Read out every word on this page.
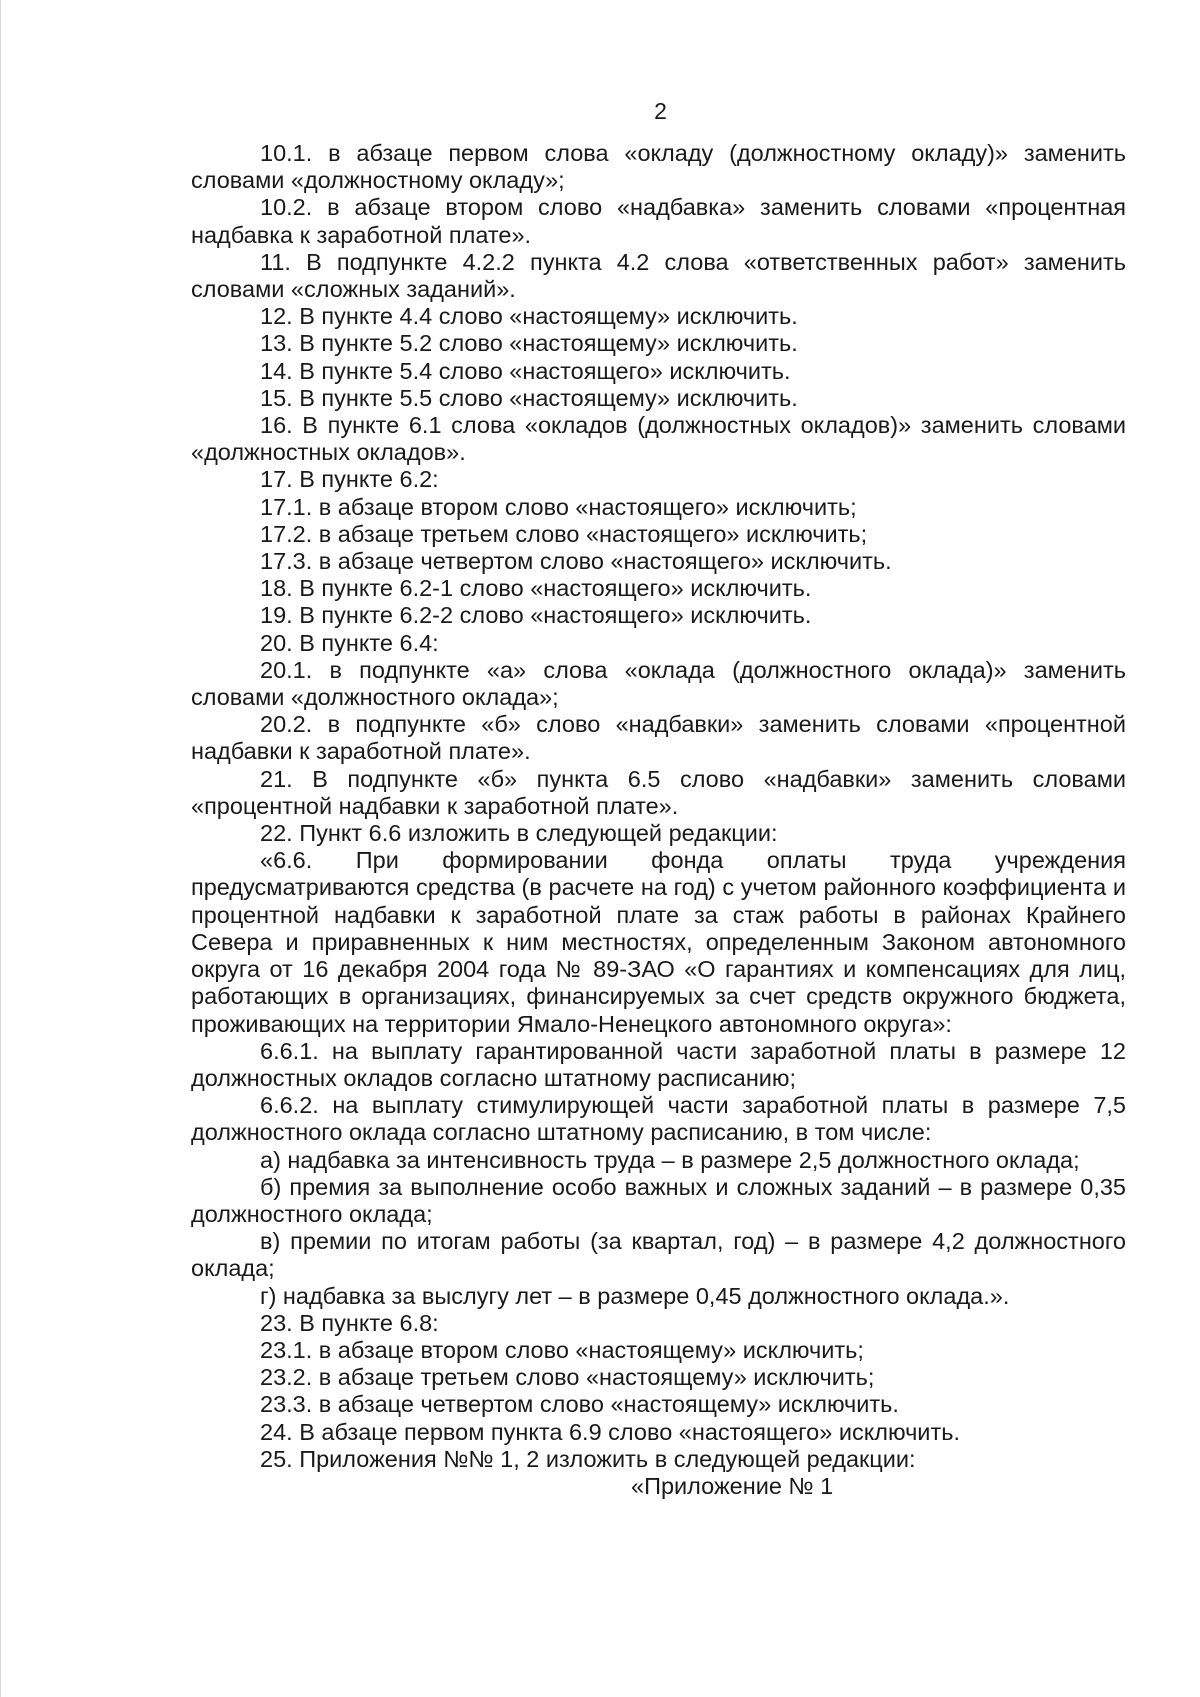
2

10.1. в абзаце первом слова «окладу (должностному окладу)» заменить словами «должностному окладу»;

10.2. в абзаце втором слово «надбавка» заменить словами «процентная надбавка к заработной плате».

11. В подпункте 4.2.2 пункта 4.2 слова «ответственных работ» заменить словами «сложных заданий».

12. В пункте 4.4 слово «настоящему» исключить.

13. В пункте 5.2 слово «настоящему» исключить.

14. В пункте 5.4 слово «настоящего» исключить.

15. В пункте 5.5 слово «настоящему» исключить.

16. В пункте 6.1 слова «окладов (должностных окладов)» заменить словами «должностных окладов».

17. В пункте 6.2:

17.1. в абзаце втором слово «настоящего» исключить;

17.2. в абзаце третьем слово «настоящего» исключить;

17.3. в абзаце четвертом слово «настоящего» исключить.

18. В пункте 6.2-1 слово «настоящего» исключить.

19. В пункте 6.2-2 слово «настоящего» исключить.

20. В пункте 6.4:

20.1. в подпункте «а» слова «оклада (должностного оклада)» заменить словами «должностного оклада»;

20.2. в подпункте «б» слово «надбавки» заменить словами «процентной надбавки к заработной плате».

21. В подпункте «б» пункта 6.5 слово «надбавки» заменить словами «процентной надбавки к заработной плате».

22. Пункт 6.6 изложить в следующей редакции:

«6.6. При формировании фонда оплаты труда учреждения предусматриваются средства (в расчете на год) с учетом районного коэффициента и процентной надбавки к заработной плате за стаж работы в районах Крайнего Севера и приравненных к ним местностях, определенным Законом автономного округа от 16 декабря 2004 года № 89-ЗАО «О гарантиях и компенсациях для лиц, работающих в организациях, финансируемых за счет средств окружного бюджета, проживающих на территории Ямало-Ненецкого автономного округа»:

6.6.1. на выплату гарантированной части заработной платы в размере 12 должностных окладов согласно штатному расписанию;

6.6.2. на выплату стимулирующей части заработной платы в размере 7,5 должностного оклада согласно штатному расписанию, в том числе:

а) надбавка за интенсивность труда – в размере 2,5 должностного оклада;

б) премия за выполнение особо важных и сложных заданий – в размере 0,35 должностного оклада;

в) премии по итогам работы (за квартал, год) – в размере 4,2 должностного оклада;

г) надбавка за выслугу лет – в размере 0,45 должностного оклада.».

23. В пункте 6.8:

23.1. в абзаце втором слово «настоящему» исключить;

23.2. в абзаце третьем слово «настоящему» исключить;

23.3. в абзаце четвертом слово «настоящему» исключить.

24. В абзаце первом пункта 6.9 слово «настоящего» исключить.

25. Приложения №№ 1, 2 изложить в следующей редакции:

«Приложение № 1
